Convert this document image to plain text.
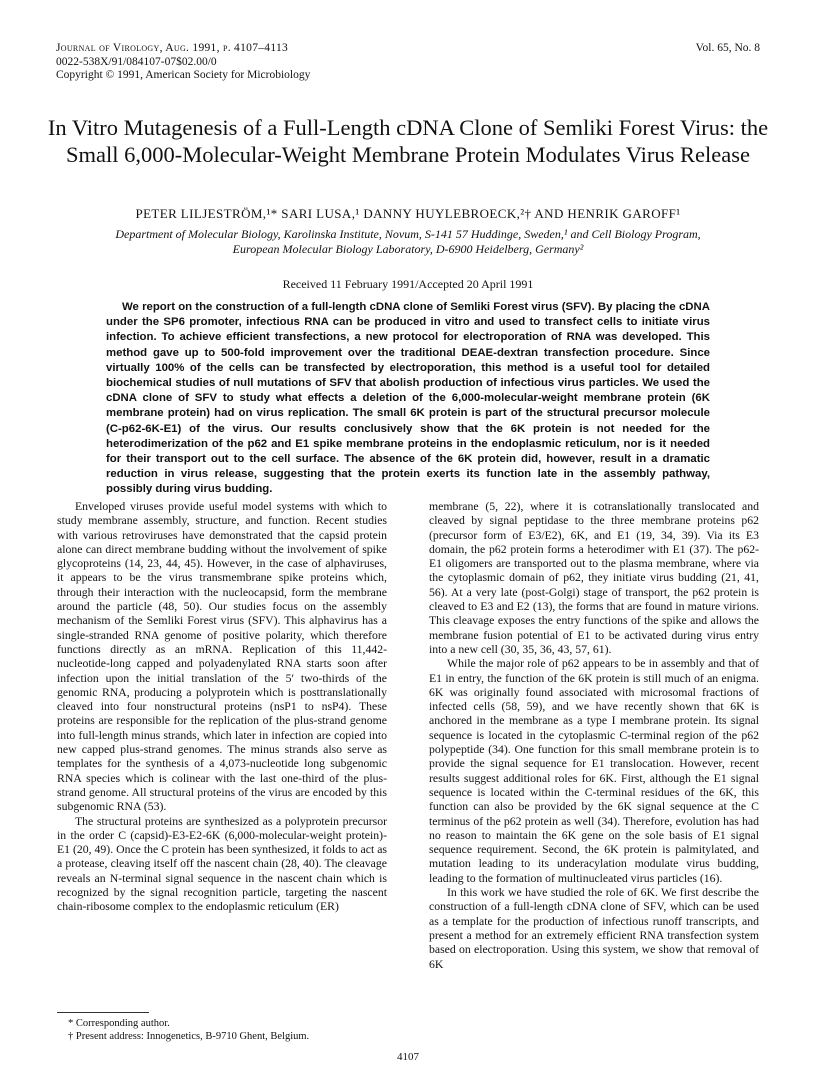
Journal of Virology, Aug. 1991, p. 4107–4113
0022-538X/91/084107-07$02.00/0
Copyright © 1991, American Society for Microbiology
Vol. 65, No. 8
In Vitro Mutagenesis of a Full-Length cDNA Clone of Semliki Forest Virus: the Small 6,000-Molecular-Weight Membrane Protein Modulates Virus Release
PETER LILJESTRÖM,¹* SARI LUSA,¹ DANNY HUYLEBROECK,²† AND HENRIK GAROFF¹
Department of Molecular Biology, Karolinska Institute, Novum, S-141 57 Huddinge, Sweden,¹ and Cell Biology Program,
European Molecular Biology Laboratory, D-6900 Heidelberg, Germany²
Received 11 February 1991/Accepted 20 April 1991

We report on the construction of a full-length cDNA clone of Semliki Forest virus (SFV). By placing the cDNA under the SP6 promoter, infectious RNA can be produced in vitro and used to transfect cells to initiate virus infection. To achieve efficient transfections, a new protocol for electroporation of RNA was developed. This method gave up to 500-fold improvement over the traditional DEAE-dextran transfection procedure. Since virtually 100% of the cells can be transfected by electroporation, this method is a useful tool for detailed biochemical studies of null mutations of SFV that abolish production of infectious virus particles. We used the cDNA clone of SFV to study what effects a deletion of the 6,000-molecular-weight membrane protein (6K membrane protein) had on virus replication. The small 6K protein is part of the structural precursor molecule (C-p62-6K-E1) of the virus. Our results conclusively show that the 6K protein is not needed for the heterodimerization of the p62 and E1 spike membrane proteins in the endoplasmic reticulum, nor is it needed for their transport out to the cell surface. The absence of the 6K protein did, however, result in a dramatic reduction in virus release, suggesting that the protein exerts its function late in the assembly pathway, possibly during virus budding.

Enveloped viruses provide useful model systems with which to study membrane assembly, structure, and function. Recent studies with various retroviruses have demonstrated that the capsid protein alone can direct membrane budding without the involvement of spike glycoproteins (14, 23, 44, 45). However, in the case of alphaviruses, it appears to be the virus transmembrane spike proteins which, through their interaction with the nucleocapsid, form the membrane around the particle (48, 50). Our studies focus on the assembly mechanism of the Semliki Forest virus (SFV). This alphavirus has a single-stranded RNA genome of positive polarity, which therefore functions directly as an mRNA. Replication of this 11,442-nucleotide-long capped and polyadenylated RNA starts soon after infection upon the initial translation of the 5′ two-thirds of the genomic RNA, producing a polyprotein which is posttranslationally cleaved into four nonstructural proteins (nsP1 to nsP4). These proteins are responsible for the replication of the plus-strand genome into full-length minus strands, which later in infection are copied into new capped plus-strand genomes. The minus strands also serve as templates for the synthesis of a 4,073-nucleotide long subgenomic RNA species which is colinear with the last one-third of the plus-strand genome. All structural proteins of the virus are encoded by this subgenomic RNA (53).

The structural proteins are synthesized as a polyprotein precursor in the order C (capsid)-E3-E2-6K (6,000-molecular-weight protein)-E1 (20, 49). Once the C protein has been synthesized, it folds to act as a protease, cleaving itself off the nascent chain (28, 40). The cleavage reveals an N-terminal signal sequence in the nascent chain which is recognized by the signal recognition particle, targeting the nascent chain-ribosome complex to the endoplasmic reticulum (ER)

membrane (5, 22), where it is cotranslationally translocated and cleaved by signal peptidase to the three membrane proteins p62 (precursor form of E3/E2), 6K, and E1 (19, 34, 39). Via its E3 domain, the p62 protein forms a heterodimer with E1 (37). The p62-E1 oligomers are transported out to the plasma membrane, where via the cytoplasmic domain of p62, they initiate virus budding (21, 41, 56). At a very late (post-Golgi) stage of transport, the p62 protein is cleaved to E3 and E2 (13), the forms that are found in mature virions. This cleavage exposes the entry functions of the spike and allows the membrane fusion potential of E1 to be activated during virus entry into a new cell (30, 35, 36, 43, 57, 61).

While the major role of p62 appears to be in assembly and that of E1 in entry, the function of the 6K protein is still much of an enigma. 6K was originally found associated with microsomal fractions of infected cells (58, 59), and we have recently shown that 6K is anchored in the membrane as a type I membrane protein. Its signal sequence is located in the cytoplasmic C-terminal region of the p62 polypeptide (34). One function for this small membrane protein is to provide the signal sequence for E1 translocation. However, recent results suggest additional roles for 6K. First, although the E1 signal sequence is located within the C-terminal residues of the 6K, this function can also be provided by the 6K signal sequence at the C terminus of the p62 protein as well (34). Therefore, evolution has had no reason to maintain the 6K gene on the sole basis of E1 signal sequence requirement. Second, the 6K protein is palmitylated, and mutation leading to its underacylation modulate virus budding, leading to the formation of multinucleated virus particles (16).

In this work we have studied the role of 6K. We first describe the construction of a full-length cDNA clone of SFV, which can be used as a template for the production of infectious runoff transcripts, and present a method for an extremely efficient RNA transfection system based on electroporation. Using this system, we show that removal of 6K

* Corresponding author.
† Present address: Innogenetics, B-9710 Ghent, Belgium.
4107
